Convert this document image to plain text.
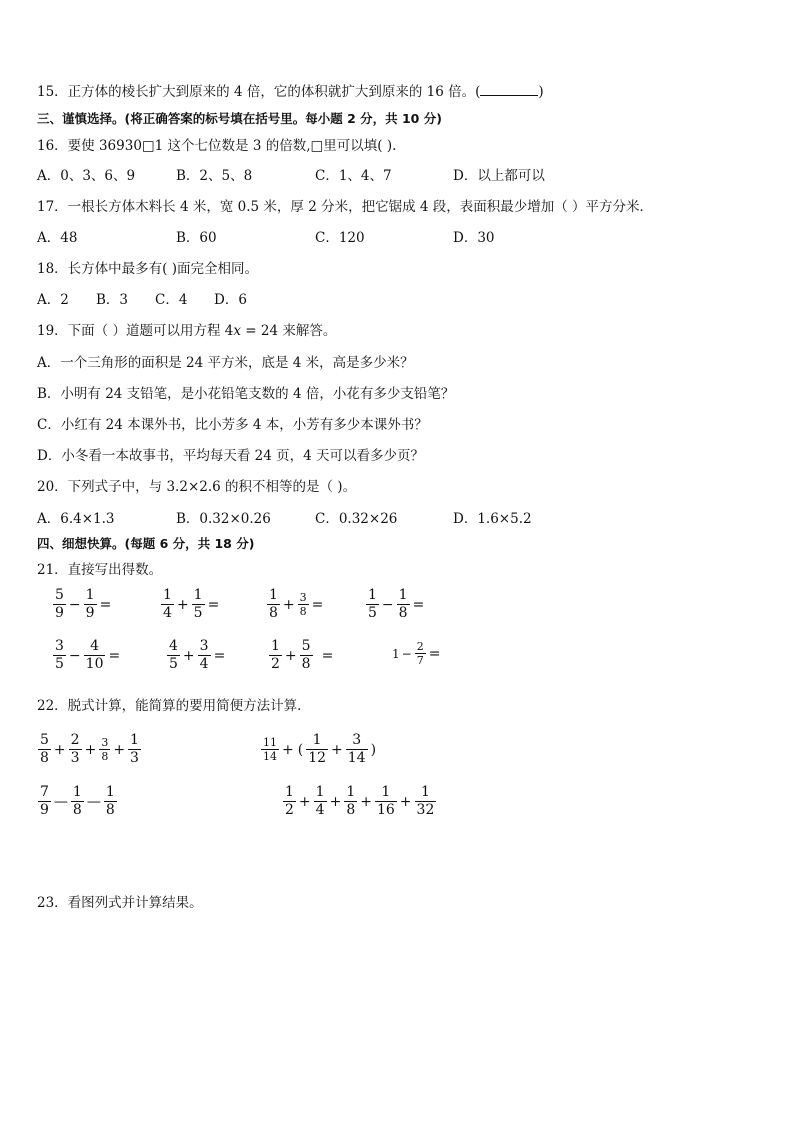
15．正方体的棱长扩大到原来的 4 倍，它的体积就扩大到原来的 16 倍。(	)
三、谨慎选择。(将正确答案的标号填在括号里。每小题 2 分，共 10 分)
16．要使 36930□1 这个七位数是 3 的倍数,□里可以填( ).
A．0、3、6、9	B．2、5、8	C．1、4、7	D．以上都可以
17．一根长方体木料长 4 米，宽 0.5 米，厚 2 分米，把它锯成 4 段，表面积最少增加（ ）平方分米．
A．48	B．60	C．120	D．30
18．长方体中最多有( )面完全相同。
A．2 B．3 C．4 D．6
19．下面（ ）道题可以用方程 4x = 24 来解答。
A．一个三角形的面积是 24 平方米，底是 4 米，高是多少米？
B．小明有 24 支铅笔，是小花铅笔支数的 4 倍，小花有多少支铅笔？
C．小红有 24 本课外书，比小芳多 4 本，小芳有多少本课外书？
D．小冬看一本故事书，平均每天看 24 页，4 天可以看多少页？
20．下列式子中，与 3.2×2.6 的积不相等的是（ )。
A．6.4×1.3	B．0.32×0.26	C．0.32×26	D．1.6×5.2
四、细想快算。(每题 6 分，共 18 分)
21．直接写出得数。
$\frac{5}{9} - \frac{1}{9}$ =	$\frac{1}{4} + \frac{1}{5}$ =	$\frac{1}{8} + \frac{3}{8}$ =	$\frac{1}{5} - \frac{1}{8}$ =
$\frac{3}{5} - \frac{4}{10}$ =	$\frac{4}{5} + \frac{3}{4}$ =	$\frac{1}{2} + \frac{5}{8}$ =	$1 - \frac{2}{7}$ =
22．脱式计算，能简算的要用简便方法计算．
$\frac{5}{8} + \frac{2}{3} + \frac{3}{8} + \frac{1}{3}$	$\frac{11}{14}$ + ( $\frac{1}{12} + \frac{3}{14}$ )
$\frac{7}{9}$ — $\frac{1}{8}$ — $\frac{1}{8}$	$\frac{1}{2} + \frac{1}{4} + \frac{1}{8} + \frac{1}{16} + \frac{1}{32}$
23．看图列式并计算结果。
